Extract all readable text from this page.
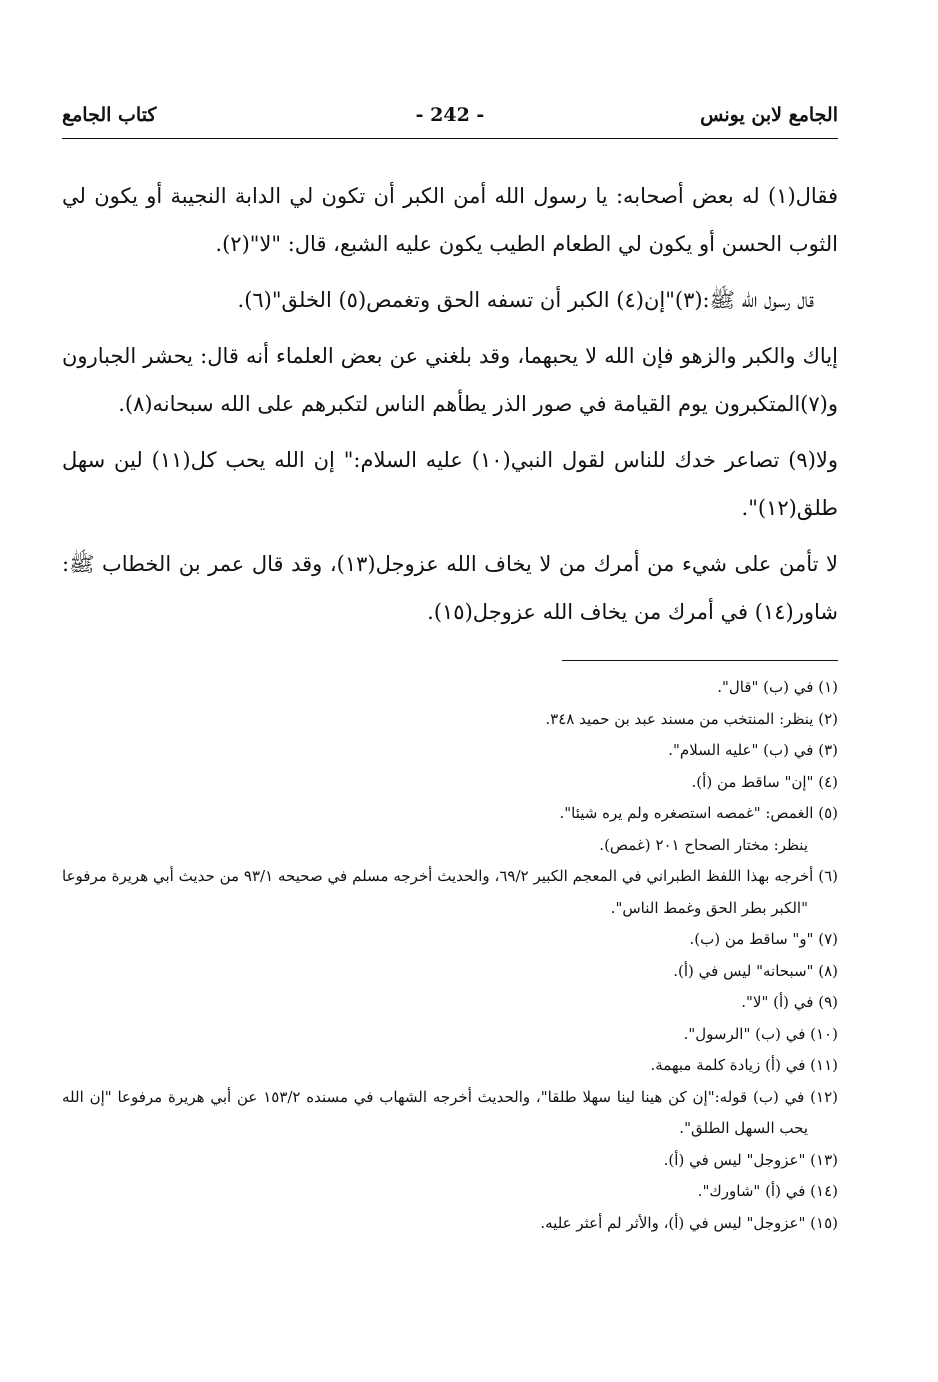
الجامع لابن يونس
- 242 -
كتاب الجامع

فقال(١) له بعض أصحابه: يا رسول الله أمن الكبر أن تكون لي الدابة النجيبة أو يكون لي الثوب الحسن أو يكون لي الطعام الطيب يكون عليه الشبع، قال: "لا"(٢).

قال رسول الله ﷺ:(٣)"إن(٤) الكبر أن تسفه الحق وتغمص(٥) الخلق"(٦).

إياك والكبر والزهو فإن الله لا يحبهما، وقد بلغني عن بعض العلماء أنه قال: يحشر الجبارون و(٧)المتكبرون يوم القيامة في صور الذر يطأهم الناس لتكبرهم على الله سبحانه(٨).

ولا(٩) تصاعر خدك للناس لقول النبي(١٠) عليه السلام:" إن الله يحب كل(١١) لين سهل طلق(١٢)".

لا تأمن على شيء من أمرك من لا يخاف الله عزوجل(١٣)، وقد قال عمر بن الخطاب ﷺ: شاور(١٤) في أمرك من يخاف الله عزوجل(١٥).

(١) في (ب) "قال".

(٢) ينظر: المنتخب من مسند عبد بن حميد ٣٤٨.

(٣) في (ب) "عليه السلام".

(٤) "إن" ساقط من (أ).

(٥) الغمص: "غمصه استصغره ولم يره شيئا".

ينظر: مختار الصحاح ٢٠١ (غمص).

(٦) أخرجه بهذا اللفظ الطبراني في المعجم الكبير ٦٩/٢، والحديث أخرجه مسلم في صحيحه ٩٣/١ من حديث أبي هريرة مرفوعا "الكبر بطر الحق وغمط الناس".

(٧) "و" ساقط من (ب).

(٨) "سبحانه" ليس في (أ).

(٩) في (أ) "لا".

(١٠) في (ب) "الرسول".

(١١) في (أ) زيادة كلمة مبهمة.

(١٢) في (ب) قوله:"إن كن هينا لينا سهلا طلقا"، والحديث أخرجه الشهاب في مسنده ١٥٣/٢ عن أبي هريرة مرفوعا "إن الله يحب السهل الطلق".

(١٣) "عزوجل" ليس في (أ).

(١٤) في (أ) "شاورك".

(١٥) "عزوجل" ليس في (أ)، والأثر لم أعثر عليه.
